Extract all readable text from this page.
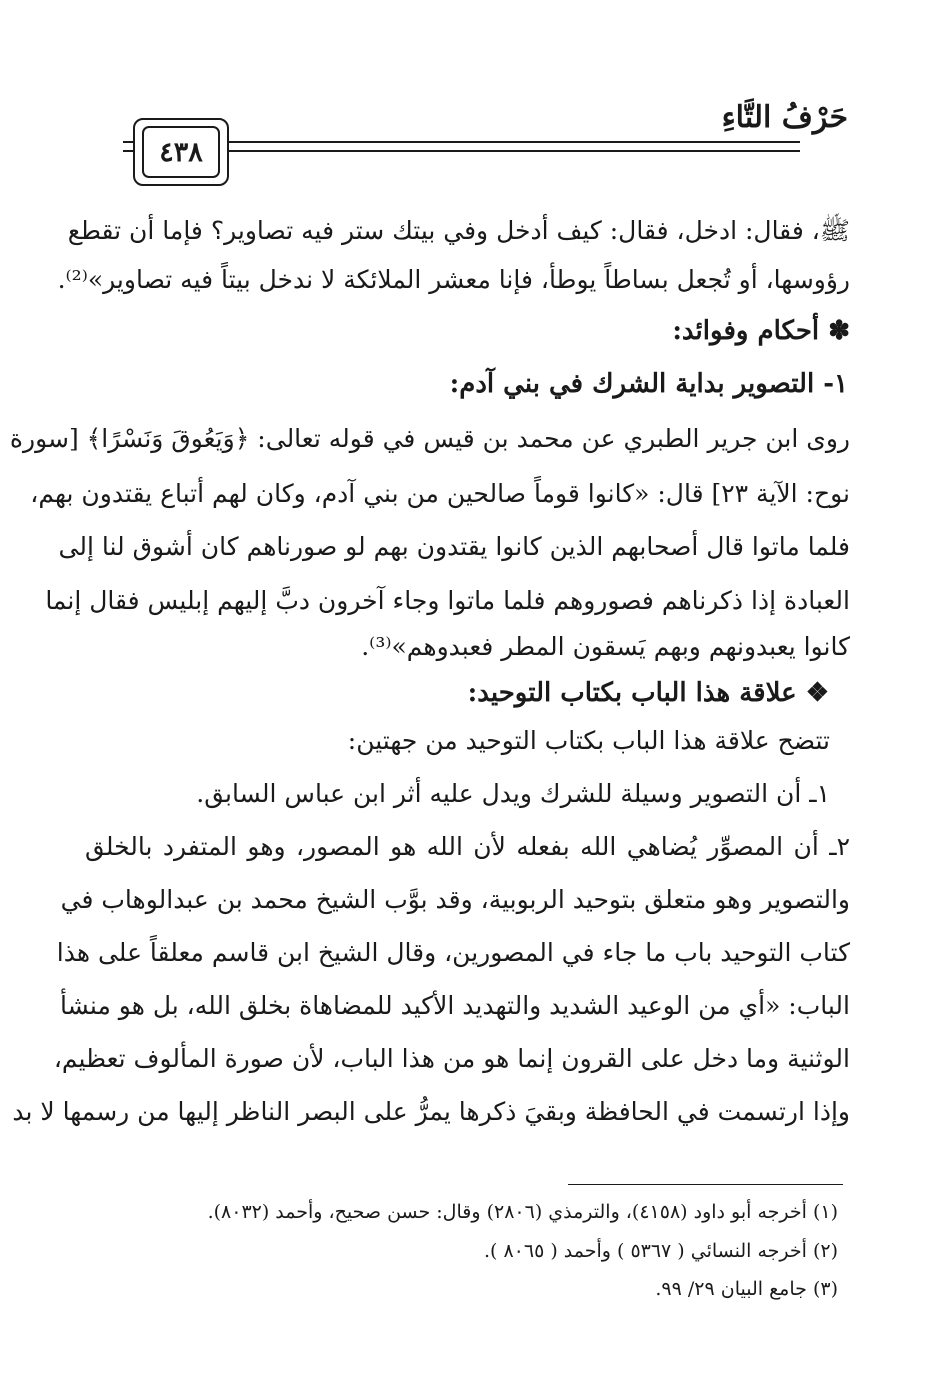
حَرْفُ التَّاءِ
٤٣٨
ﷺ، فقال: ادخل، فقال: كيف أدخل وفي بيتك ستر فيه تصاوير؟ فإما أن تقطع
رؤوسها، أو تُجعل بساطاً يوطأ، فإنا معشر الملائكة لا ندخل بيتاً فيه تصاوير»⁽²⁾.
✽ أحكام وفوائد:
١- التصوير بداية الشرك في بني آدم:
روى ابن جرير الطبري عن محمد بن قيس في قوله تعالى: ﴿وَيَعُوقَ وَنَسْرًا﴾ [سورة
نوح: الآية ٢٣] قال: «كانوا قوماً صالحين من بني آدم، وكان لهم أتباع يقتدون بهم،
فلما ماتوا قال أصحابهم الذين كانوا يقتدون بهم لو صورناهم كان أشوق لنا إلى
العبادة إذا ذكرناهم فصوروهم فلما ماتوا وجاء آخرون دبَّ إليهم إبليس فقال إنما
كانوا يعبدونهم وبهم يَسقون المطر فعبدوهم»⁽³⁾.
❖ علاقة هذا الباب بكتاب التوحيد:
تتضح علاقة هذا الباب بكتاب التوحيد من جهتين:
١ـ أن التصوير وسيلة للشرك ويدل عليه أثر ابن عباس السابق.
٢ـ أن المصوِّر يُضاهي الله بفعله لأن الله هو المصور، وهو المتفرد بالخلق
والتصوير وهو متعلق بتوحيد الربوبية، وقد بوَّب الشيخ محمد بن عبدالوهاب في
كتاب التوحيد باب ما جاء في المصورين، وقال الشيخ ابن قاسم معلقاً على هذا
الباب: «أي من الوعيد الشديد والتهديد الأكيد للمضاهاة بخلق الله، بل هو منشأ
الوثنية وما دخل على القرون إنما هو من هذا الباب، لأن صورة المألوف تعظيم،
وإذا ارتسمت في الحافظة وبقيَ ذكرها يمرُّ على البصر الناظر إليها من رسمها لا بد
(١) أخرجه أبو داود (٤١٥٨)، والترمذي (٢٨٠٦) وقال: حسن صحيح، وأحمد (٨٠٣٢).
(٢) أخرجه النسائي ( ٥٣٦٧ ) وأحمد ( ٨٠٦٥ ).
(٣) جامع البيان ٢٩/ ٩٩.
